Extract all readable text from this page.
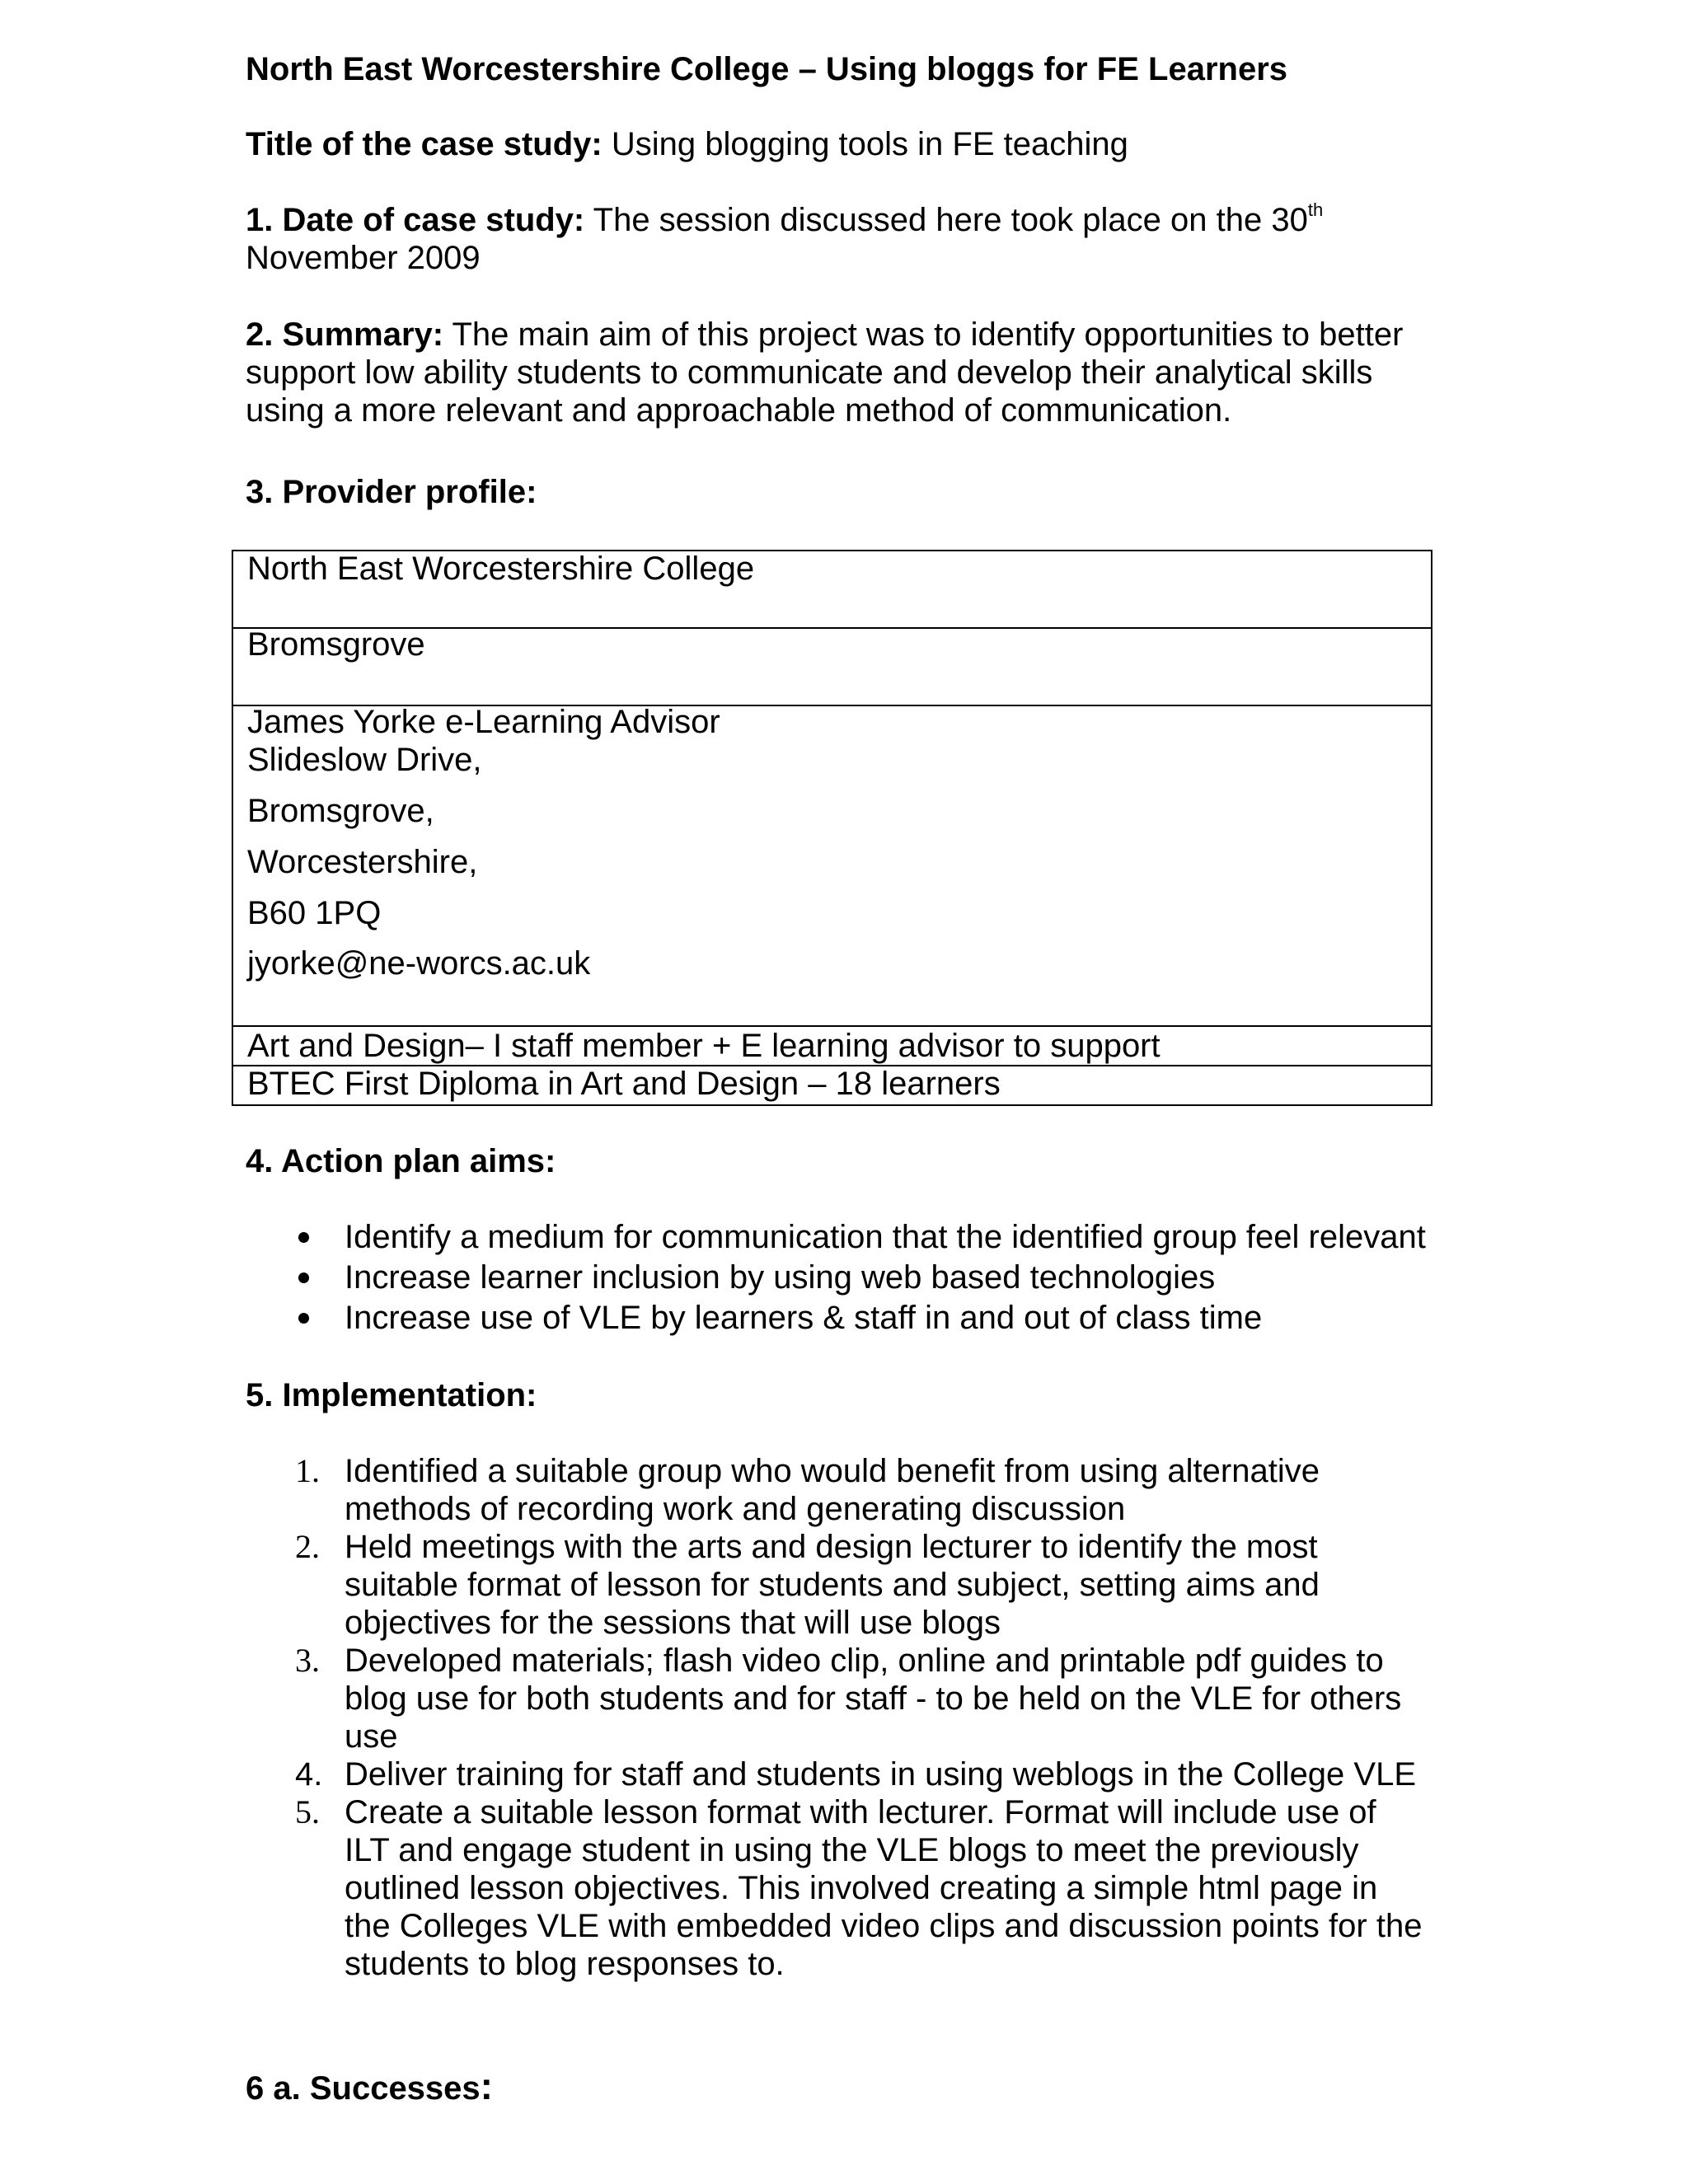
North East Worcestershire College – Using bloggs for FE Learners
Title of the case study: Using blogging tools in FE teaching
1. Date of case study: The session discussed here took place on the 30th
November 2009
2. Summary: The main aim of this project was to identify opportunities to better
support low ability students to communicate and develop their analytical skills
using a more relevant and approachable method of communication.
3. Provider profile:
North East Worcestershire College
Bromsgrove
James Yorke e-Learning Advisor
Slideslow Drive,
Bromsgrove,
Worcestershire,
B60 1PQ
jyorke@ne-worcs.ac.uk
Art and Design– I staff member + E learning advisor to support
BTEC First Diploma in Art and Design – 18 learners
4. Action plan aims:
Identify a medium for communication that the identified group feel relevant
Increase learner inclusion by using web based technologies
Increase use of VLE by learners & staff in and out of class time
5. Implementation:
1.
2.
3.
4.
5.
Identified a suitable group who would benefit from using alternative
methods of recording work and generating discussion
Held meetings with the arts and design lecturer to identify the most
suitable format of lesson for students and subject, setting aims and
objectives for the sessions that will use blogs
Developed materials; flash video clip, online and printable pdf guides to
blog use for both students and for staff - to be held on the VLE for others
use
Deliver training for staff and students in using weblogs in the College VLE
Create a suitable lesson format with lecturer. Format will include use of
ILT and engage student in using the VLE blogs to meet the previously
outlined lesson objectives. This involved creating a simple html page in
the Colleges VLE with embedded video clips and discussion points for the
students to blog responses to.
6 a. Successes:
